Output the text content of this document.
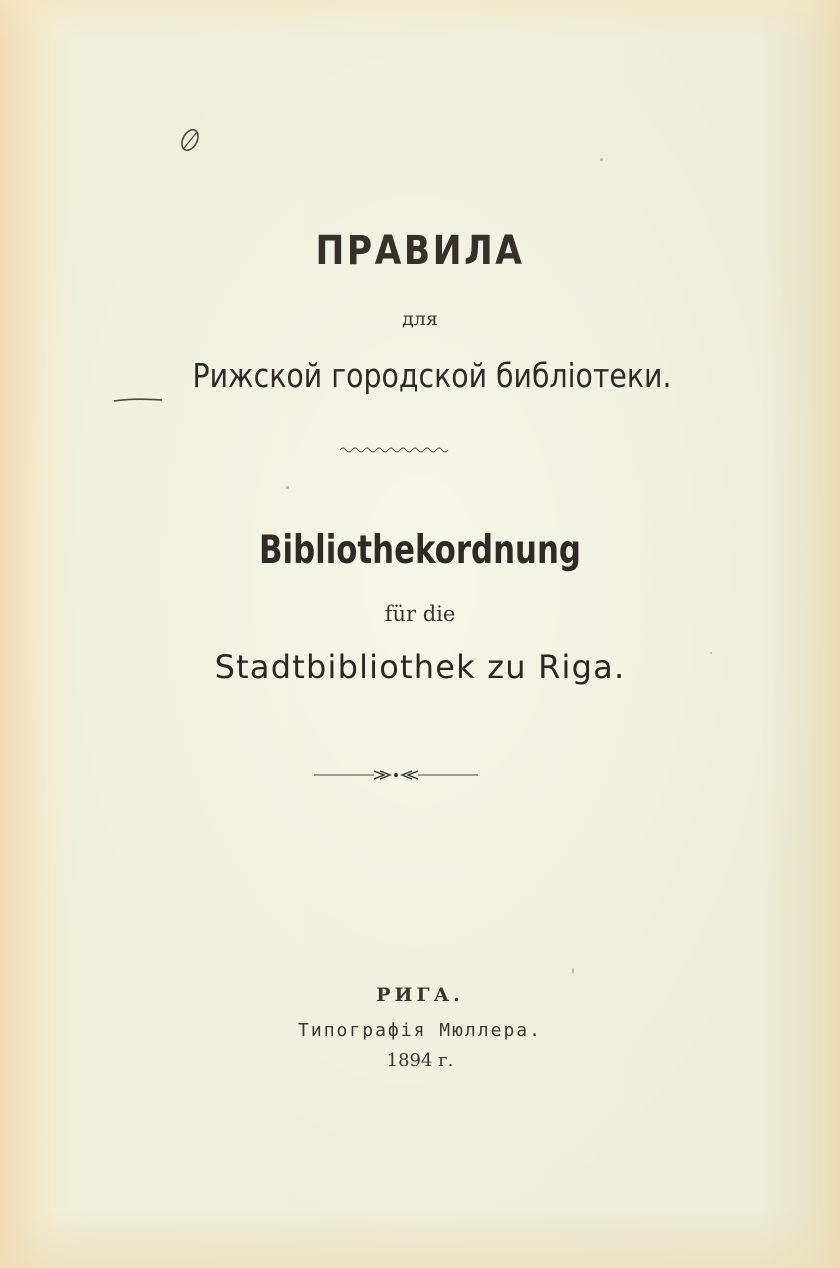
ПРАВИЛА
для
Рижской городской библіотеки.
Bibliothekordnung
für die
Stadtbibliothek zu Riga.
РИГА.
Типографія Мюллера.
1894 г.
